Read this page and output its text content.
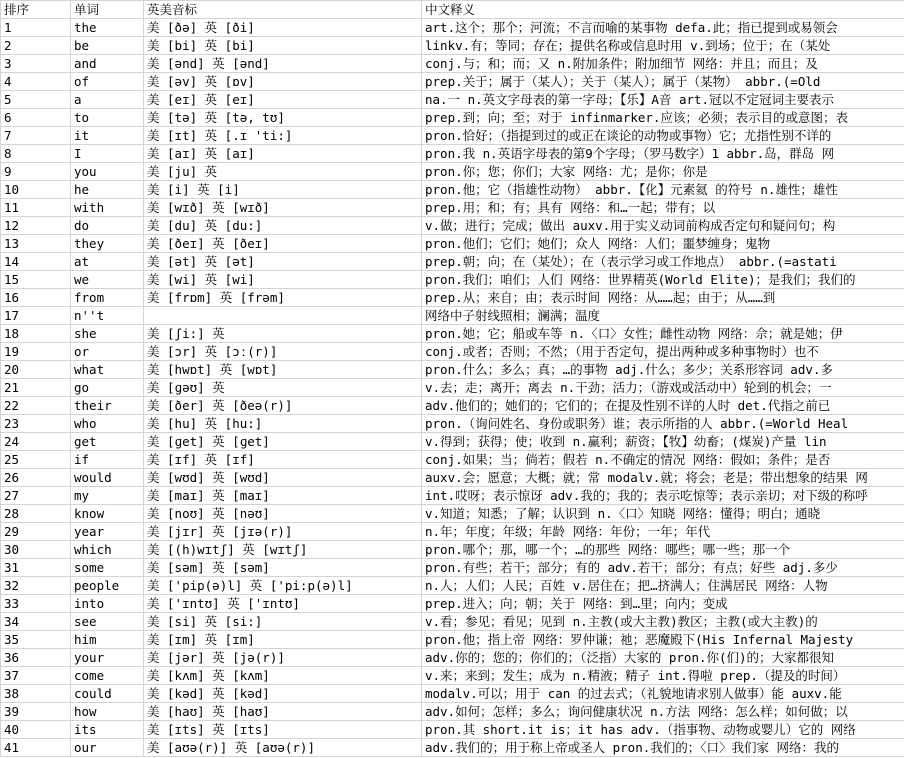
排序	单词	英美音标	中文释义
1	the	美 [ðə] 英 [ði]	art.这个；那个；河流；不言而喻的某事物 defa.此；指已提到或易领会
2	be	美 [bi] 英 [bi]	linkv.有；等同；存在；提供名称或信息时用 v.到场；位于；在（某处
3	and	美 [ənd] 英 [ənd]	conj.与；和；而；又 n.附加条件；附加细节 网络：并且；而且；及
4	of	美 [əv] 英 [ɒv]	prep.关于；属于（某人）；关于（某人）；属于（某物） abbr.(=Old
5	a	美 [eɪ] 英 [eɪ]	na.一 n.英文字母表的第一字母；【乐】A音 art.冠以不定冠词主要表示
6	to	美 [tə] 英 [tə, tʊ]	prep.到；向；至；对于 infinmarker.应该；必须；表示目的或意图；表
7	it	美 [ɪt] 英 [.ɪ 'ti:]	pron.恰好；（指提到过的或正在谈论的动物或事物）它；尤指性别不详的
8	I	美 [aɪ] 英 [aɪ]	pron.我 n.英语字母表的第9个字母；（罗马数字）1 abbr.岛，群岛 网
9	you	美 [ju] 英	pron.你；您；你们；大家 网络：尤；是你；你是
10	he	美 [i] 英 [i]	pron.他；它（指雄性动物） abbr.【化】元素氦 的符号 n.雄性；雄性
11	with	美 [wɪð] 英 [wɪð]	prep.用；和；有；具有 网络：和…一起；带有；以
12	do	美 [du] 英 [du:]	v.做；进行；完成；做出 auxv.用于实义动词前构成否定句和疑问句；构
13	they	美 [ðeɪ] 英 [ðeɪ]	pron.他们；它们；她们；众人 网络：人们；噩梦缠身；鬼物
14	at	美 [ət] 英 [ət]	prep.朝；向；在（某处）；在（表示学习或工作地点） abbr.(=astati
15	we	美 [wi] 英 [wi]	pron.我们；咱们；人们 网络：世界精英(World Elite)；是我们；我们的
16	from	美 [frɒm] 英 [frəm]	prep.从；来自；由；表示时间 网络：从……起；由于；从……到
17	n''t		网络中子射线照相；澜满；温度
18	she	美 [ʃi:] 英	pron.她；它；船或车等 n.〈口〉女性；雌性动物 网络：佘；就是她；伊
19	or	美 [ɔr] 英 [ɔː(r)]	conj.或者；否则；不然；（用于否定句，提出两种或多种事物时）也不
20	what	美 [hwɒt] 英 [wɒt]	pron.什么；多么；真；…的事物 adj.什么；多少；关系形容词 adv.多
21	go	美 [ɡəʊ] 英	v.去；走；离开；离去 n.干劲；活力；（游戏或活动中）轮到的机会；一
22	their	美 [ðer] 英 [ðeə(r)]	adv.他们的；她们的；它们的；在提及性别不详的人时 det.代指之前已
23	who	美 [hu] 英 [hu:]	pron.（询问姓名、身份或职务）谁；表示所指的人 abbr.(=World Heal
24	get	美 [ɡet] 英 [ɡet]	v.得到；获得；使；收到 n.赢利；薪资；【牧】幼畜；(煤炭)产量 lin
25	if	美 [ɪf] 英 [ɪf]	conj.如果；当；倘若；假若 n.不确定的情况 网络：假如；条件；是否
26	would	美 [wʊd] 英 [wʊd]	auxv.会；愿意；大概；就；常 modalv.就；将会；老是；带出想象的结果 网
27	my	美 [maɪ] 英 [maɪ]	int.哎呀；表示惊讶 adv.我的；我的；表示吃惊等；表示亲切；对下级的称呼
28	know	美 [noʊ] 英 [nəʊ]	v.知道；知悉；了解；认识到 n.〈口〉知晓 网络：懂得；明白；通晓
29	year	美 [jɪr] 英 [jɪə(r)]	n.年；年度；年级；年龄 网络：年份；一年；年代
30	which	美 [(h)wɪtʃ] 英 [wɪtʃ]	pron.哪个；那，哪一个；…的那些 网络：哪些；哪一些；那一个
31	some	美 [səm] 英 [səm]	pron.有些；若干；部分；有的 adv.若干；部分；有点；好些 adj.多少
32	people	美 ['pip(ə)l] 英 ['pi:p(ə)l]	n.人；人们；人民；百姓 v.居住在；把…挤满人；住满居民 网络：人物
33	into	美 ['ɪntʊ] 英 ['ɪntʊ]	prep.进入；向；朝；关于 网络：到…里；向内；变成
34	see	美 [si] 英 [si:]	v.看；参见；看见；见到 n.主教(或大主教)教区；主教(或大主教)的
35	him	美 [ɪm] 英 [ɪm]	pron.他；指上帝 网络：罗仲谦；祂；恶魔殿下(His Infernal Majesty
36	your	美 [jər] 英 [jə(r)]	adv.你的；您的；你们的；（泛指）大家的 pron.你(们)的；大家都很知
37	come	美 [kʌm] 英 [kʌm]	v.来；来到；发生；成为 n.精液；精子 int.得啦 prep.（提及的时间）
38	could	美 [kəd] 英 [kəd]	modalv.可以；用于 can 的过去式；（礼貌地请求别人做事）能 auxv.能
39	how	美 [haʊ] 英 [haʊ]	adv.如何；怎样；多么；询问健康状况 n.方法 网络：怎么样；如何做；以
40	its	美 [ɪts] 英 [ɪts]	pron.其 short.it is；it has adv.（指事物、动物或婴儿）它的 网络
41	our	美 [aʊə(r)] 英 [aʊə(r)]	adv.我们的；用于称上帝或圣人 pron.我们的；〈口〉我们家 网络：我的
